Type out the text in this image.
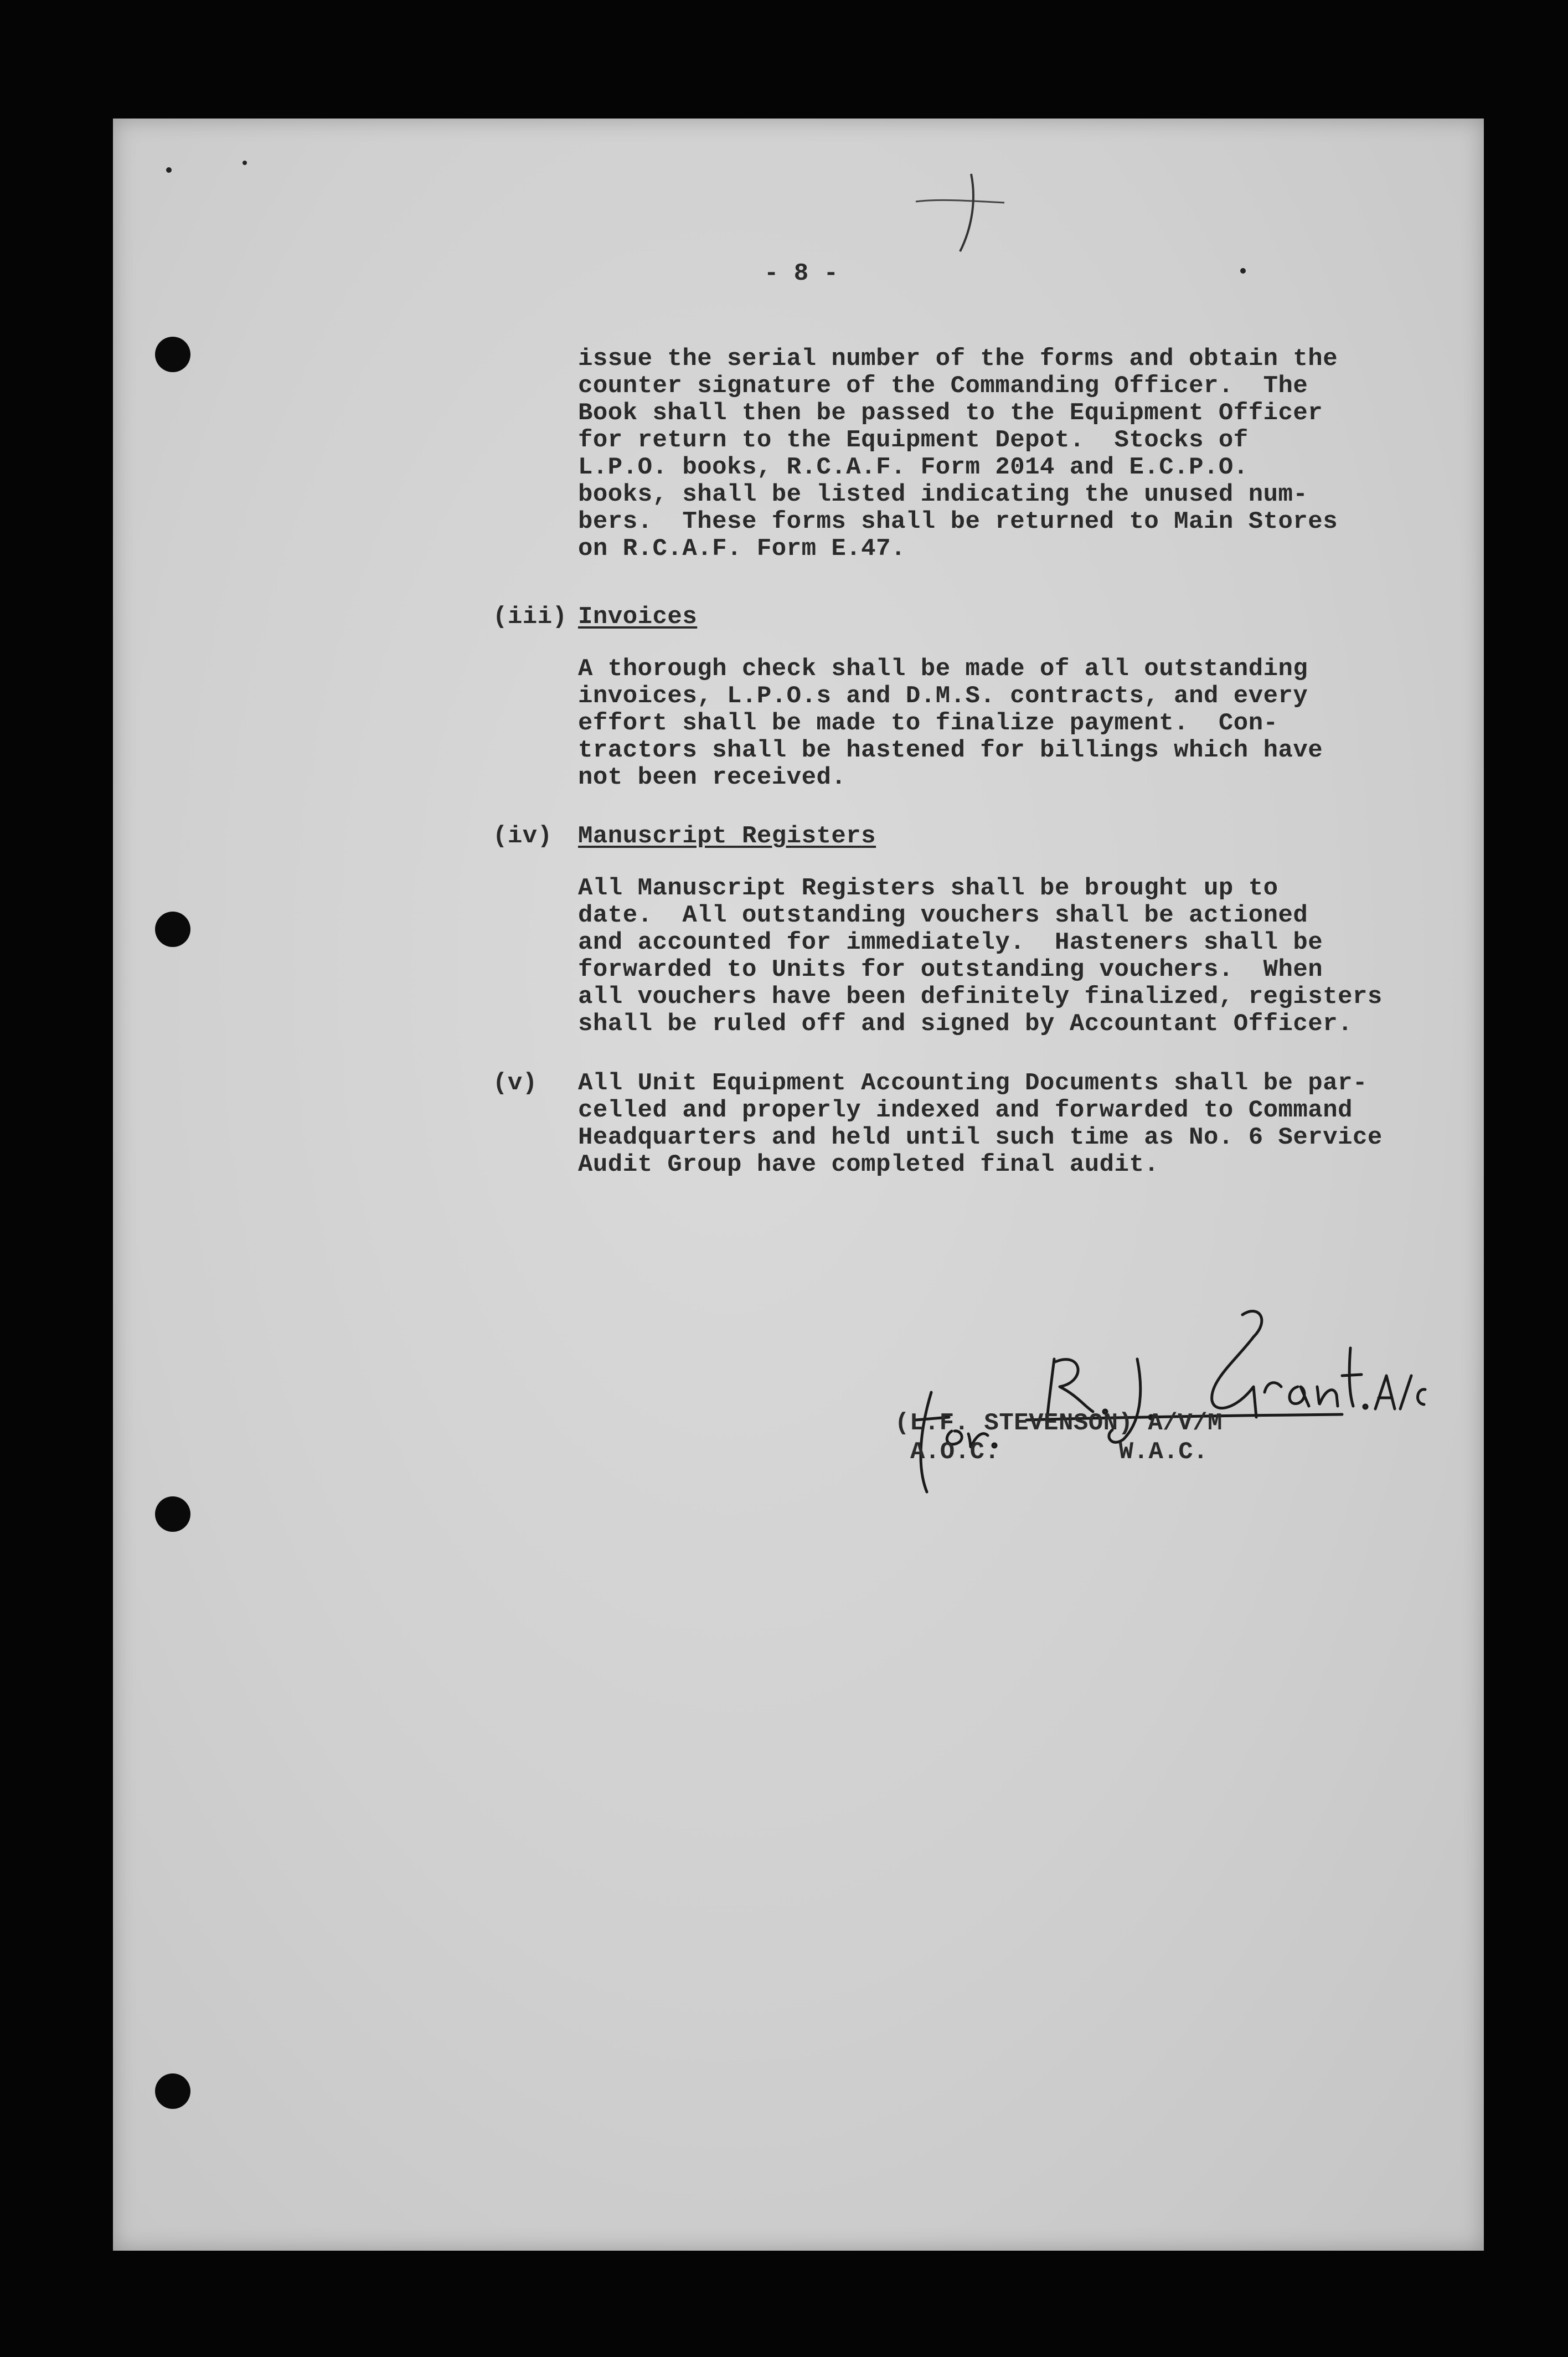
- 8 -
issue the serial number of the forms and obtain the
counter signature of the Commanding Officer.  The
Book shall then be passed to the Equipment Officer
for return to the Equipment Depot.  Stocks of
L.P.O. books, R.C.A.F. Form 2014 and E.C.P.O.
books, shall be listed indicating the unused num-
bers.  These forms shall be returned to Main Stores
on R.C.A.F. Form E.47.
(iii) Invoices
A thorough check shall be made of all outstanding
invoices, L.P.O.s and D.M.S. contracts, and every
effort shall be made to finalize payment.  Con-
tractors shall be hastened for billings which have
not been received.
(iv) Manuscript Registers
All Manuscript Registers shall be brought up to
date.  All outstanding vouchers shall be actioned
and accounted for immediately.  Hasteners shall be
forwarded to Units for outstanding vouchers.  When
all vouchers have been definitely finalized, registers
shall be ruled off and signed by Accountant Officer.
(v) All Unit Equipment Accounting Documents shall be par-
celled and properly indexed and forwarded to Command
Headquarters and held until such time as No. 6 Service
Audit Group have completed final audit.
(L.F. STEVENSON) A/V/M
A.O.C.        W.A.C.
